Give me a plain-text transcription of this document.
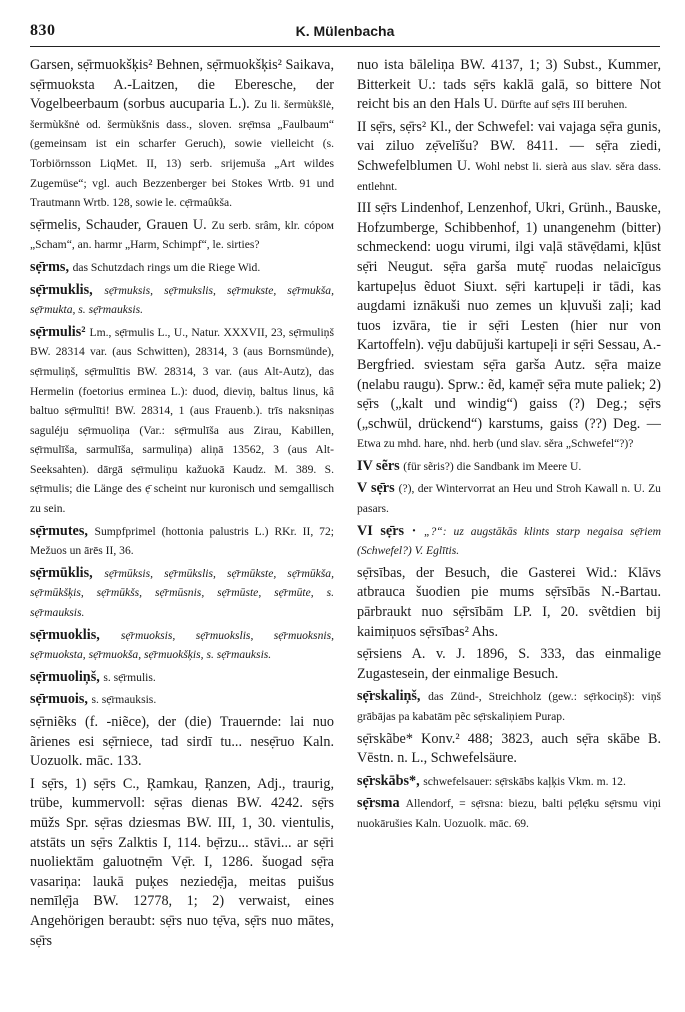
830	K. Mülenbacha

Garsen, sẹ̄rmuokšķis² Behnen, sẹ̄rmuokšķis² Saikava, sẹ̄rmuoksta A.-Laitzen, die Eberesche, der Vogelbeerbaum (sorbus aucuparia L.). Zu li. šermùkšlė, šermùkšnė od. šermùkšnis dass., sloven. srẹ̄msa „Faulbaum“ (gemeinsam ist ein scharfer Geruch), sowie vielleicht (s. Torbiörnsson LiqMet. II, 13) serb. srijemuša „Art wildes Zugemüse“; vgl. auch Bezzenberger bei Stokes Wrtb. 91 und Trautmann Wrtb. 128, sowie le. cẹ̄rmaûkša.

sẹ̄rmelis, Schauder, Grauen U. Zu serb. srâm, klr. cópoм „Scham“, an. harmr „Harm, Schimpf“, le. sirties?

sẹ̄rms, das Schutzdach rings um die Riege Wid.

sẹ̄rmuklis, sẹ̄rmuksis, sẹ̄rmukslis, sẹ̄rmukste, sẹ̄rmukša, sẹ̄rmukta, s. sẹ̄rmauksis.

sẹ̄rmulis² Lm., sẹ̄rmulis L., U., Natur. XXXVII, 23, sẹ̄rmuliņš BW. 28314 var. (aus Schwitten), 28314, 3 (aus Bornsmünde), sẹ̄rmuliņš, sẹ̄rmulītis BW. 28314, 3 var. (aus Alt-Autz), das Hermelin (foetorius erminea L.): duod, dieviņ, baltus linus, kâ baltuo sẹ̄rmulīti! BW. 28314, 1 (aus Frauenb.). trīs naksniņas saguléju sẹ̄rmuoliņa (Var.: sẹ̄rmulīša aus Zirau, Kabillen, sẹ̄rmulīša, sarmulīša, sarmuliņa) aliņā 13562, 3 (aus Alt-Seeksahten). dārgā sẹ̄rmuliņu kažuokā Kaudz. M. 389. S. sẹ̄rmulis; die Länge des ẹ̄ scheint nur kuronisch und semgallisch zu sein.

sẹ̄rmutes, Sumpfprimel (hottonia palustris L.) RKr. II, 72; Mežuos un ārēs II, 36.

sẹ̄rmūklis, sẹ̄rmūksis, sẹ̄rmūkslis, sẹ̄rmūkste, sẹ̄rmūkša, sẹ̄rmūkšķis, sẹ̄rmūkšs, sẹ̄rmūsnis, sẹ̄rmūste, sẹ̄rmūte, s. sẹ̄rmauksis.

sẹ̄rmuoklis, sẹ̄rmuoksis, sẹ̄rmuokslis, sẹ̄rmuoksnis, sẹ̄rmuoksta, sẹ̄rmuokša, sẹ̄rmuokšķis, s. sẹ̄rmauksis.

sẹ̄rmuoliņš, s. sẹ̄rmulis.

sẹ̄rmuois, s. sẹ̄rmauksis.

sẹ̄rniẽks (f. -niẽce), der (die) Trauernde: lai nuo ãrienes esi sẹ̄rniece, tad sirdī tu... nesẹ̄ruo Kaln. Uozuolk. māc. 133.

I sẹ̄rs, 1) sẹ̄rs C., Ŗamkau, Ŗanzen, Adj., traurig, trübe, kummervoll: sẹ̄ras dienas BW. 4242. sẹ̄rs mūžs Spr. sẹ̄ras dziesmas BW. III, 1, 30. vientulis, atstāts un sẹ̄rs Zalktis I, 114. bẹ̄rzu... stāvi... ar sẹ̄ri nuoliektām galuotnẹ̄m Vẹ̄r. I, 1286. šuogad sẹ̄ra vasariņa: laukā puķes neziedẹ̄ja, meitas puišus nemīlẹ̄ja BW. 12778, 1; 2) verwaist, eines Angehörigen beraubt: sẹ̄rs nuo tẹ̄va, sẹ̄rs nuo mātes, sẹ̄rs

nuo ista bāleliņa BW. 4137, 1; 3) Subst., Kummer, Bitterkeit U.: tads sẹ̄rs kaklā galā, so bittere Not reicht bis an den Hals U. Dürfte auf sẹ̄rs III beruhen.

II sẹ̄rs, sẹ̄rs² Kl., der Schwefel: vai vajaga sẹ̄ra gunis, vai ziluo zẹ̄velīšu? BW. 8411. — sẹ̄ra ziedi, Schwefelblumen U. Wohl nebst li. sierà aus slav. sěra dass. entlehnt.

III sẹ̄rs Lindenhof, Lenzenhof, Ukri, Grünh., Bauske, Hofzumberge, Schibbenhof, 1) unangenehm (bitter) schmeckend: uogu virumi, ilgi vaļā stāvẹ̄dami, kļūst sẹ̄ri Neugut. sẹ̄ra garša mutẹ̄ ruodas nelaicīgus kartupeļus ẽduot Siuxt. sẹ̄ri kartupeļi ir tādi, kas augdami iznākuši nuo zemes un kļuvuši zaļi; kad tuos izvāra, tie ir sẹ̄ri Lesten (hier nur von Kartoffeln). vẹ̄ju dabūjuši kartupeļi ir sẹ̄ri Sessau, A.-Bergfried. sviestam sẹ̄ra garša Autz. sẹ̄ra maize (nelabu raugu). Sprw.: ẽd, kamẹ̄r sẹ̄ra mute paliek; 2) sẹ̄rs („kalt und windig“) gaiss (?) Deg.; sẹ̄rs („schwül, drückend“) karstums, gaiss (??) Deg. — Etwa zu mhd. hare, nhd. herb (und slav. sěra „Schwefel“?)?

IV sẽrs (für sẽris?) die Sandbank im Meere U.

V sẹ̄rs (?), der Wintervorrat an Heu und Stroh Kawall n. U. Zu pasars.

VI sẹ̄rs · „?“: uz augstākās klints starp negaisa sẹ̄riem (Schwefel?) V. Eglītis.

sẹ̄rsības, der Besuch, die Gasterei Wid.: Klāvs atbrauca šuodien pie mums sẹ̄rsībās N.-Bartau. pārbraukt nuo sẹ̄rsībām LP. I, 20. svẽtdien bij kaimiņuos sẹ̄rsības² Ahs.

sẹ̄rsiens A. v. J. 1896, S. 333, das einmalige Zugastesein, der einmalige Besuch.

sẹ̄rskaliņš, das Zünd-, Streichholz (gew.: sẹ̄rkociņš): viņš grābājas pa kabatām pẽc sẹ̄rskaliņiem Purap.

sẹ̄rskãbe* Konv.² 488; 3823, auch sẹ̄ra skābe B. Vēstn. n. L., Schwefelsäure.

sẹ̄rskābs*, schwefelsauer: sẹ̄rskābs kaļķis Vkm. m. 12.

sẹ̄rsma Allendorf, = sẹ̄rsna: biezu, balti pẹ̄lẹ̄ku sẹ̄rsmu viņi nuokārušies Kaln. Uozuolk. māc. 69.
